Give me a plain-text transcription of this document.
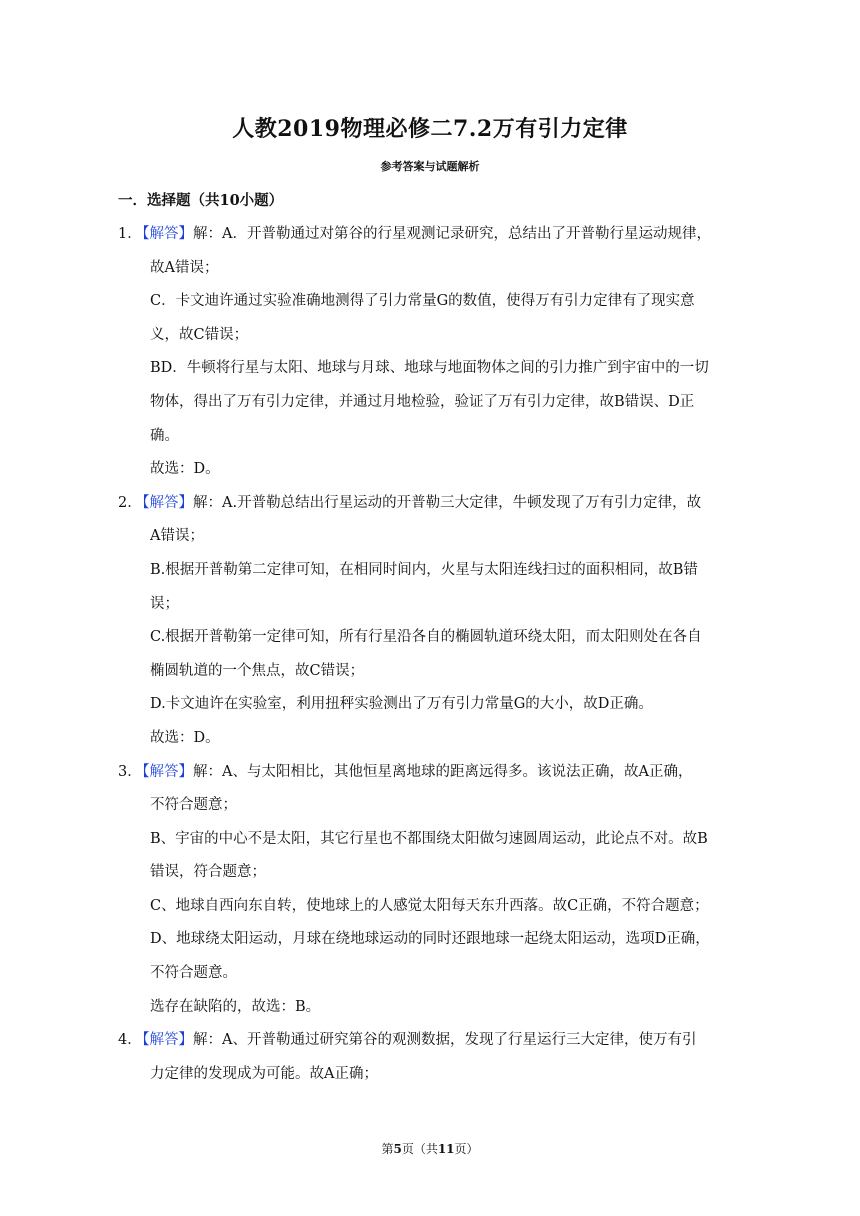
人教2019物理必修二7.2万有引力定律
参考答案与试题解析
一．选择题（共10小题）
1．【解答】解：A．开普勒通过对第谷的行星观测记录研究，总结出了开普勒行星运动规律，
故A错误；
C．卡文迪许通过实验准确地测得了引力常量G的数值，使得万有引力定律有了现实意
义，故C错误；
BD．牛顿将行星与太阳、地球与月球、地球与地面物体之间的引力推广到宇宙中的一切
物体，得出了万有引力定律，并通过月地检验，验证了万有引力定律，故B错误、D正
确。
故选：D。
2．【解答】解：A.开普勒总结出行星运动的开普勒三大定律，牛顿发现了万有引力定律，故
A错误；
B.根据开普勒第二定律可知，在相同时间内，火星与太阳连线扫过的面积相同，故B错
误；
C.根据开普勒第一定律可知，所有行星沿各自的椭圆轨道环绕太阳，而太阳则处在各自
椭圆轨道的一个焦点，故C错误；
D.卡文迪许在实验室，利用扭秤实验测出了万有引力常量G的大小，故D正确。
故选：D。
3．【解答】解：A、与太阳相比，其他恒星离地球的距离远得多。该说法正确，故A正确，
不符合题意；
B、宇宙的中心不是太阳，其它行星也不都围绕太阳做匀速圆周运动，此论点不对。故B
错误，符合题意；
C、地球自西向东自转，使地球上的人感觉太阳每天东升西落。故C正确，不符合题意；
D、地球绕太阳运动，月球在绕地球运动的同时还跟地球一起绕太阳运动，选项D正确，
不符合题意。
选存在缺陷的，故选：B。
4．【解答】解：A、开普勒通过研究第谷的观测数据，发现了行星运行三大定律，使万有引
力定律的发现成为可能。故A正确；
第5页（共11页）
